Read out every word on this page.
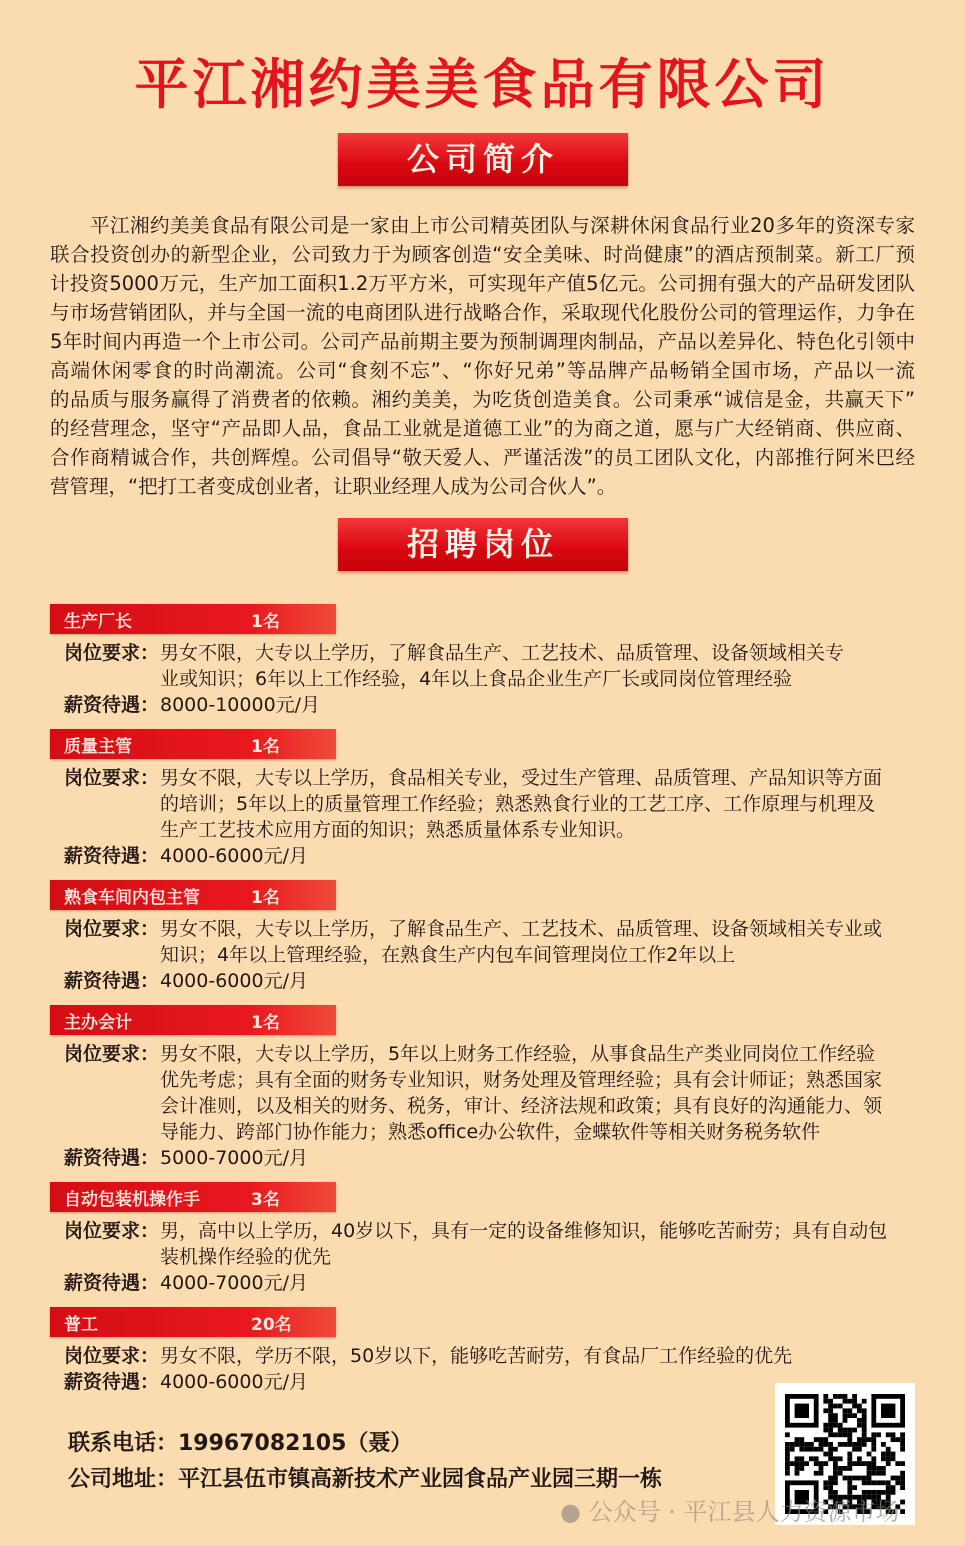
平江湘约美美食品有限公司
公司简介
平江湘约美美食品有限公司是一家由上市公司精英团队与深耕休闲食品行业20多年的资深专家
联合投资创办的新型企业，公司致力于为顾客创造“安全美味、时尚健康”的酒店预制菜。新工厂预
计投资5000万元，生产加工面积1.2万平方米，可实现年产值5亿元。公司拥有强大的产品研发团队
与市场营销团队，并与全国一流的电商团队进行战略合作，采取现代化股份公司的管理运作，力争在
5年时间内再造一个上市公司。公司产品前期主要为预制调理肉制品，产品以差异化、特色化引领中
高端休闲零食的时尚潮流。公司“食刻不忘”、“你好兄弟”等品牌产品畅销全国市场，产品以一流
的品质与服务赢得了消费者的依赖。湘约美美，为吃货创造美食。公司秉承“诚信是金，共赢天下”
的经营理念，坚守“产品即人品，食品工业就是道德工业”的为商之道，愿与广大经销商、供应商、
合作商精诚合作，共创辉煌。公司倡导“敬天爱人、严谨活泼”的员工团队文化，内部推行阿米巴经
营管理，“把打工者变成创业者，让职业经理人成为公司合伙人”。
招聘岗位
生产厂长	1名
岗位要求： 男女不限，大专以上学历，了解食品生产、工艺技术、品质管理、设备领域相关专
业或知识；6年以上工作经验，4年以上食品企业生产厂长或同岗位管理经验
薪资待遇： 8000-10000元/月
质量主管	1名
岗位要求： 男女不限，大专以上学历，食品相关专业，受过生产管理、品质管理、产品知识等方面
的培训；5年以上的质量管理工作经验；熟悉熟食行业的工艺工序、工作原理与机理及
生产工艺技术应用方面的知识；熟悉质量体系专业知识。
薪资待遇： 4000-6000元/月
熟食车间内包主管	1名
岗位要求： 男女不限，大专以上学历，了解食品生产、工艺技术、品质管理、设备领域相关专业或
知识；4年以上管理经验，在熟食生产内包车间管理岗位工作2年以上
薪资待遇： 4000-6000元/月
主办会计	1名
岗位要求： 男女不限，大专以上学历，5年以上财务工作经验，从事食品生产类业同岗位工作经验
优先考虑；具有全面的财务专业知识，财务处理及管理经验；具有会计师证；熟悉国家
会计准则，以及相关的财务、税务，审计、经济法规和政策；具有良好的沟通能力、领
导能力、跨部门协作能力；熟悉office办公软件，金蝶软件等相关财务税务软件
薪资待遇： 5000-7000元/月
自动包装机操作手	3名
岗位要求： 男，高中以上学历，40岁以下，具有一定的设备维修知识，能够吃苦耐劳；具有自动包
装机操作经验的优先
薪资待遇： 4000-7000元/月
普工	20名
岗位要求： 男女不限，学历不限，50岁以下，能够吃苦耐劳，有食品厂工作经验的优先
薪资待遇： 4000-6000元/月
联系电话：19967082105（聂）
公司地址：平江县伍市镇高新技术产业园食品产业园三期一栋
● 公众号 · 平江县人力资源市场
